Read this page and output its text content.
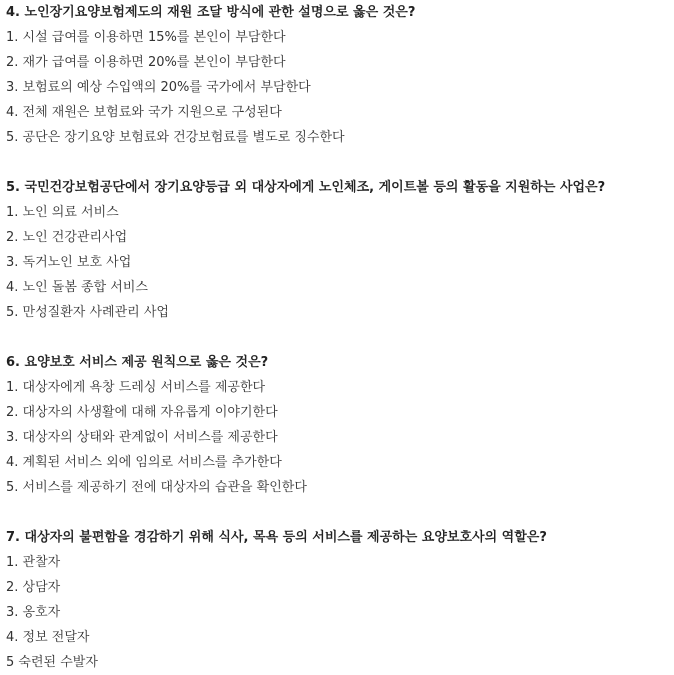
4. 노인장기요양보험제도의 재원 조달 방식에 관한 설명으로 옳은 것은?
1. 시설 급여를 이용하면 15%를 본인이 부담한다
2. 재가 급여를 이용하면 20%를 본인이 부담한다
3. 보험료의 예상 수입액의 20%를 국가에서 부담한다
4. 전체 재원은 보험료와 국가 지원으로 구성된다
5. 공단은 장기요양 보험료와 건강보험료를 별도로 징수한다
5. 국민건강보험공단에서 장기요양등급 외 대상자에게 노인체조, 게이트볼 등의 활동을 지원하는 사업은?
1. 노인 의료 서비스
2. 노인 건강관리사업
3. 독거노인 보호 사업
4. 노인 돌봄 종합 서비스
5. 만성질환자 사례관리 사업
6. 요양보호 서비스 제공 원칙으로 옳은 것은?
1. 대상자에게 욕창 드레싱 서비스를 제공한다
2. 대상자의 사생활에 대해 자유롭게 이야기한다
3. 대상자의 상태와 관계없이 서비스를 제공한다
4. 계획된 서비스 외에 임의로 서비스를 추가한다
5. 서비스를 제공하기 전에 대상자의 습관을 확인한다
7. 대상자의 불편함을 경감하기 위해 식사, 목욕 등의 서비스를 제공하는 요양보호사의 역할은?
1. 관찰자
2. 상담자
3. 옹호자
4. 정보 전달자
5 숙련된 수발자
